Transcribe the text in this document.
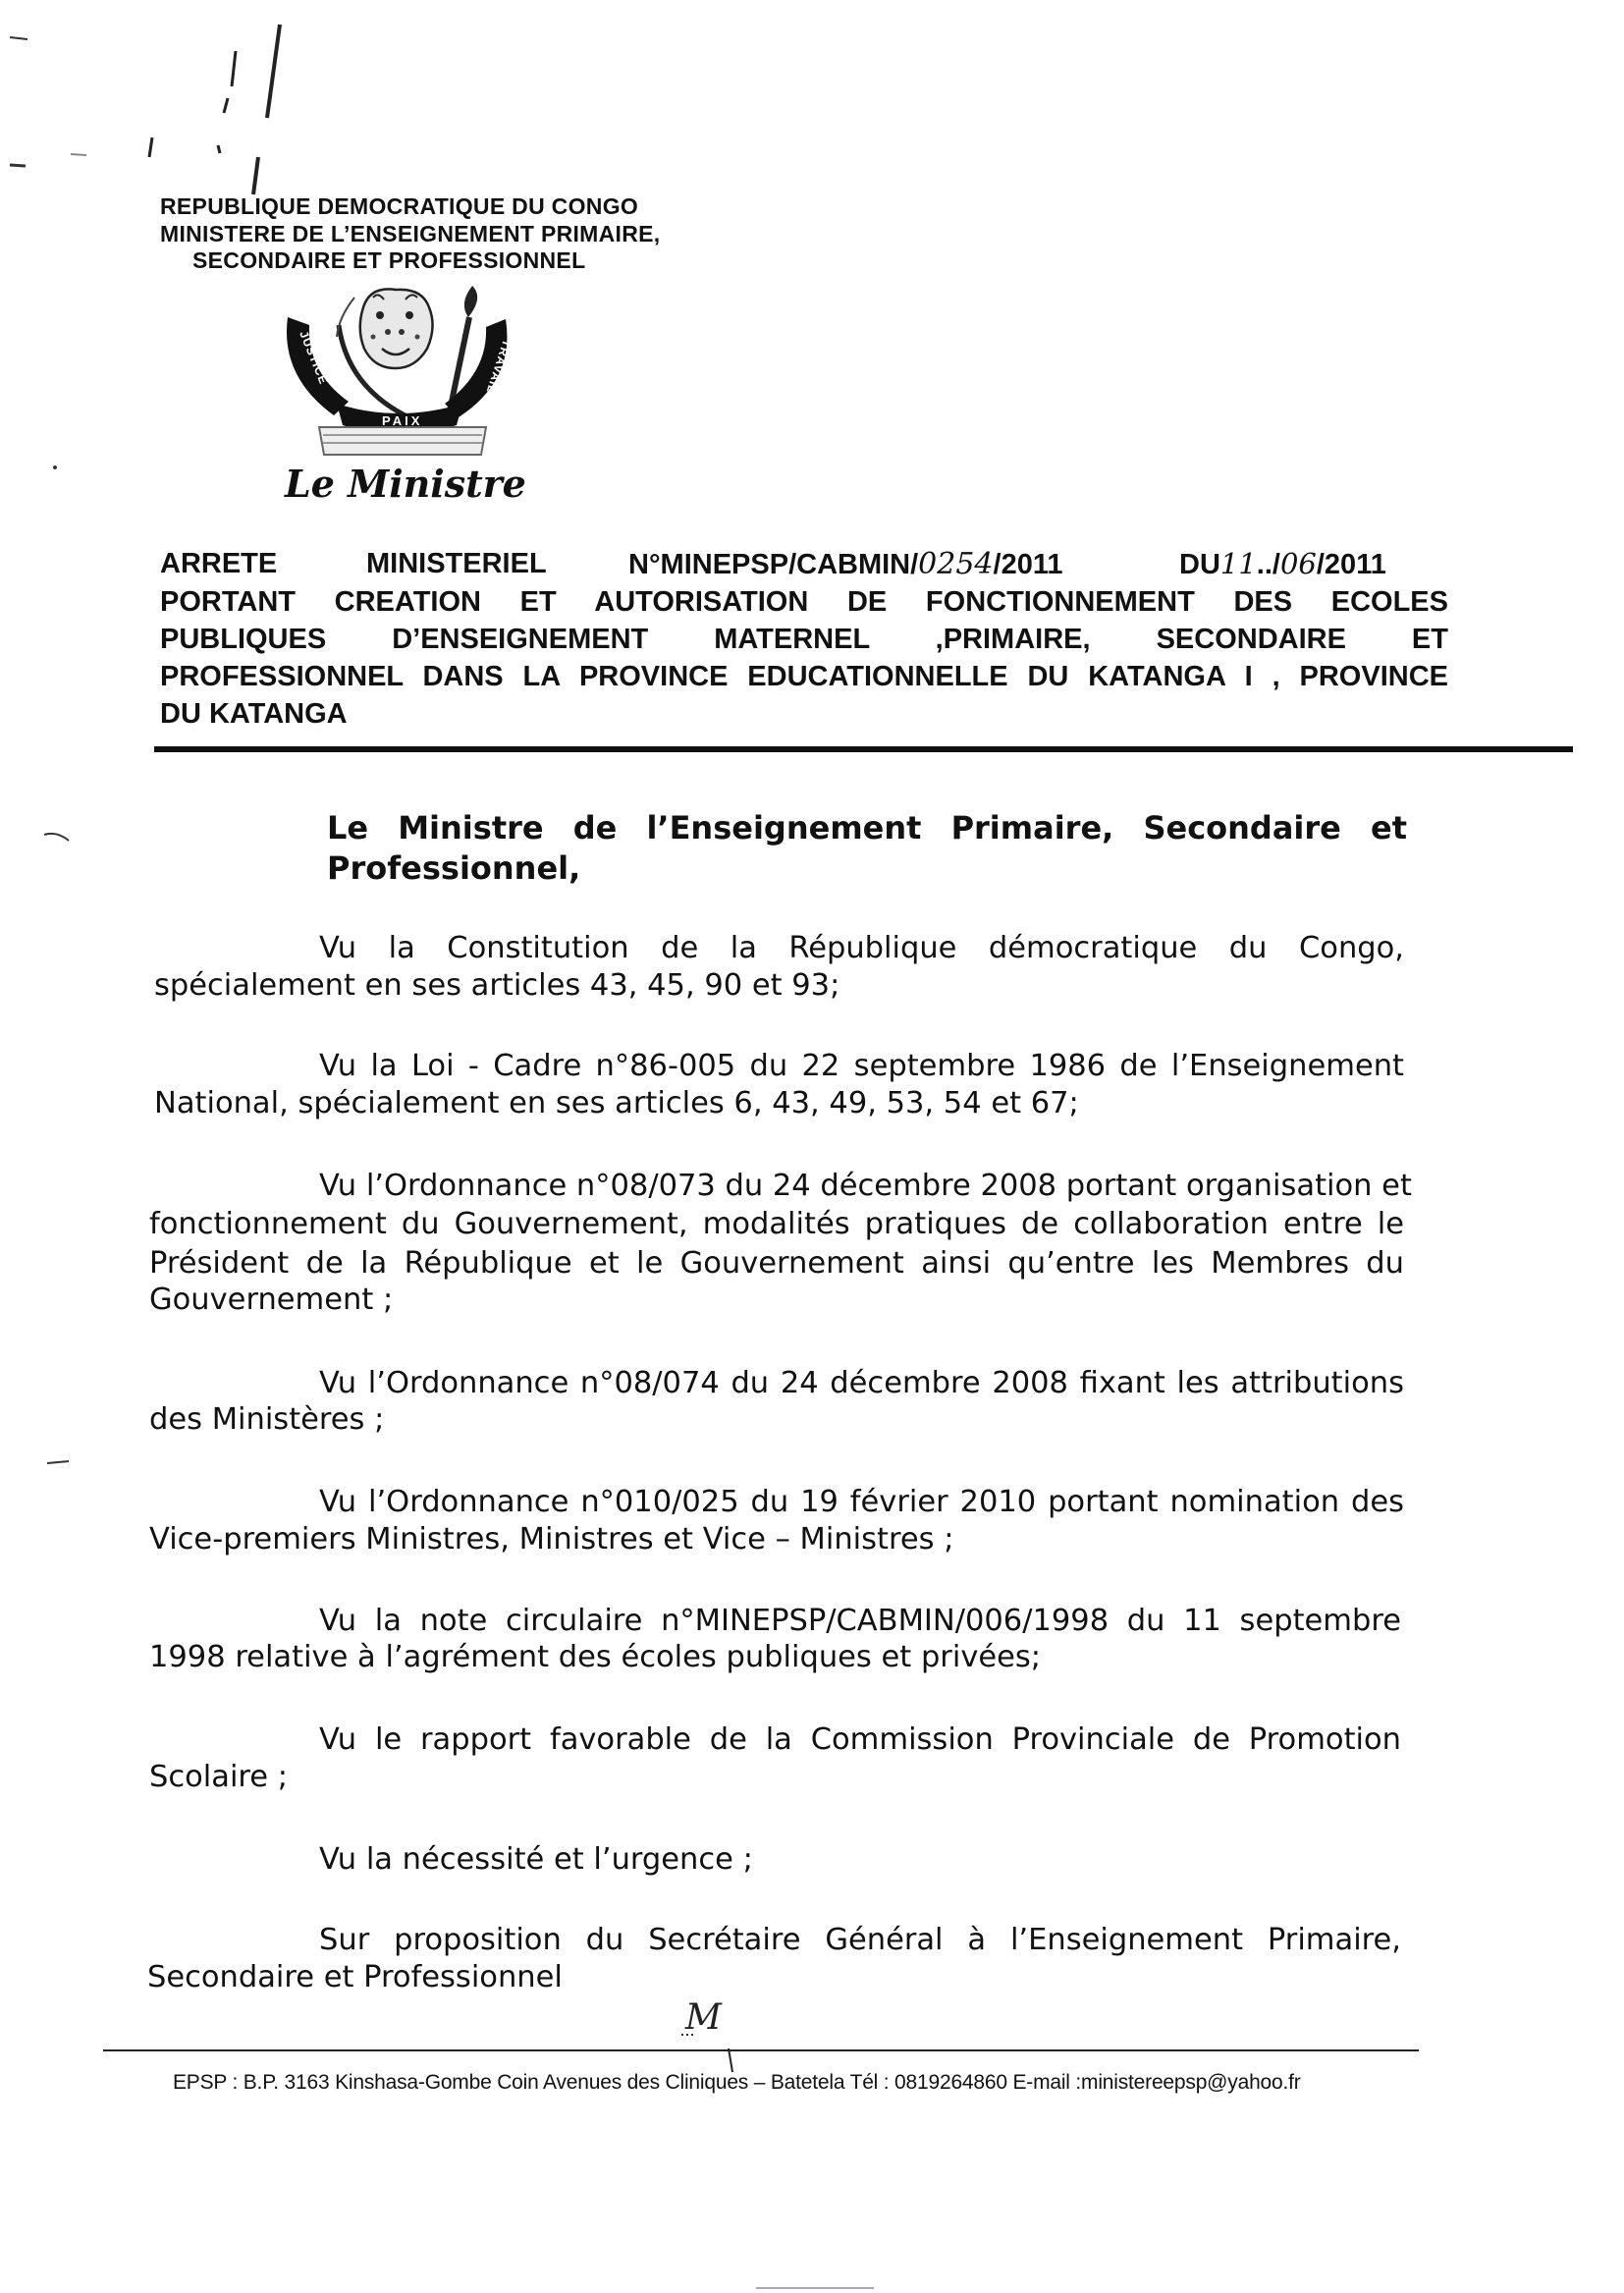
REPUBLIQUE DEMOCRATIQUE DU CONGO
MINISTERE DE L’ENSEIGNEMENT PRIMAIRE,
SECONDAIRE ET PROFESSIONNEL
JUSTICE	TRAVAIL
PAIX
Le Ministre
ARRETE	MINISTERIEL	N°MINEPSP/CABMIN/0254/2011	DU11../06/2011
PORTANT CREATION ET AUTORISATION DE FONCTIONNEMENT DES ECOLES
PUBLIQUES D’ENSEIGNEMENT MATERNEL ,PRIMAIRE, SECONDAIRE ET
PROFESSIONNEL DANS LA PROVINCE EDUCATIONNELLE DU KATANGA I , PROVINCE
DU KATANGA
Le Ministre de l’Enseignement Primaire, Secondaire et
Professionnel,
Vu la Constitution de la République démocratique du Congo,
spécialement en ses articles 43, 45, 90 et 93;
Vu la Loi - Cadre n°86-005 du 22 septembre 1986 de l’Enseignement
National, spécialement en ses articles 6, 43, 49, 53, 54 et 67;
Vu l’Ordonnance n°08/073 du 24 décembre 2008 portant organisation et
fonctionnement du Gouvernement, modalités pratiques de collaboration entre le
Président de la République et le Gouvernement ainsi qu’entre les Membres du
Gouvernement ;
Vu l’Ordonnance n°08/074 du 24 décembre 2008 fixant les attributions
des Ministères ;
Vu l’Ordonnance n°010/025 du 19 février 2010 portant nomination des
Vice-premiers Ministres, Ministres et Vice – Ministres ;
Vu la note circulaire n°MINEPSP/CABMIN/006/1998 du 11 septembre
1998 relative à l’agrément des écoles publiques et privées;
Vu le rapport favorable de la Commission Provinciale de Promotion
Scolaire ;
Vu la nécessité et l’urgence ;
Sur proposition du Secrétaire Général à l’Enseignement Primaire,
Secondaire et Professionnel
M
EPSP : B.P. 3163 Kinshasa-Gombe Coin Avenues des Cliniques – Batetela Tél : 0819264860 E-mail :ministereepsp@yahoo.fr
